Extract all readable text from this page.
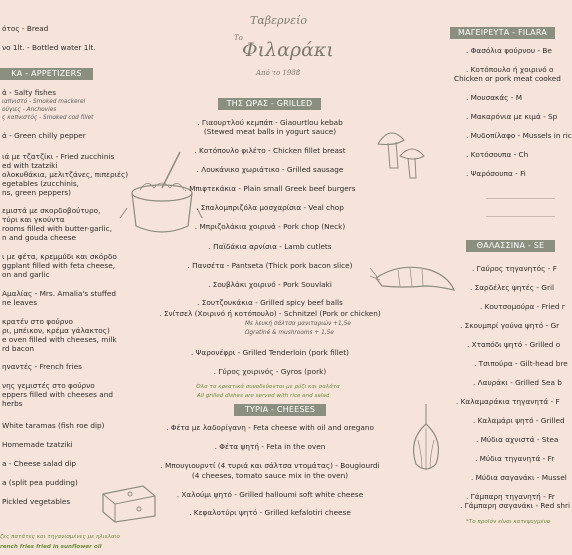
ότος - Bread
νο 1lt. - Bottled water 1lt.
ΚΑ - APPETIZERS
ά - Salty fishes
ιαπνιστό - Smoked mackerel
ούγιες - Anchovies
ς καπνιστός - Smoked cod fillet
ά - Green chilly pepper
ιά με τζατζίκι - Fried zucchinis
ed with tzatziki
ολοκυθάκια, μελιτζάνες, πιπεριές)
egetables (zucchinis,
ns, green peppers)
εμιστά με σκορδοβούτυρο,
τύρι και γκούντα
rooms filled with butter-garlic,
n and gouda cheese
ι με φέτα, κρεμμύδι και σκόρδο
ggplant filled with feta cheese,
on and garlic
Αμαλίας - Mrs. Amalia's stuffed
ne leaves
κρατέν στο φούρνο
ρι, μπέικον, κρέμα γάλακτος)
e oven filled with cheeses, milk
rd bacon
ηναντές - French fries
νης γεμιστές στο φούρνο
eppers filled with cheeses and
herbs
White taramas (fish roe dip)
Homemade tzatziki
a - Cheese salad dip
a (split pea pudding)
Pickled vegetables
ζες πατάτες και τηγανισμένες με ηλιέλαιο
rench fries fried in sunflower oil
Ταβερνείο
Το
Φιλαράκι
Από το 1988
ΤΗΣ ΩΡΑΣ - GRILLED
. Γιαουρτλού κεμπάπ - Giaourtlou kebab
(Stewed meat balls in yogurt sauce)
. Κοτόπουλο φιλέτο - Chicken fillet breast
. Λουκάνικο χωριάτικο - Grilled sausage
. Μπιφτεκάκια - Plain small Greek beef burgers
. Σπαλομπριζόλα μοσχαρίσια - Veal chop
. Μπριζολάκια χοιρινά - Pork chop (Neck)
. Παϊδάκια αρνίσια - Lamb cutlets
. Πανσέτα - Pantseta (Thick pork bacon slice)
. Σουβλάκι χοιρινό - Pork Souvlaki
. Σουτζουκάκια - Grilled spicy beef balls
. Σνίτσελ (Χοιρινό ή κοτόπουλο) - Schnitzel (Pork or chicken)
. Ψαρονέφρι - Grilled Tenderloin (pork fillet)
. Γύρος χοιρινός - Gyros (pork)
Με λευκή σάλτσα μανιταριών +1,5e
Ωgratiné & mushrooms + 1,5e
Όλα τα κρεατικά συνοδεύονται με ρύζι και σαλάτα
All grilled dishes are served with rice and salad
ΤΥΡΙΑ - CHEESES
. Φέτα με λαδορίγανη - Feta cheese with oil and oregano
. Φέτα ψητή - Feta in the oven
. Μπουγιουρντί (4 τυριά και σάλτσα ντομάτας) - Bougiourdi
(4 cheeses, tomato sauce mix in the oven)
. Χαλούμι ψητό - Grilled halloumi soft white cheese
. Κεφαλοτύρι ψητό - Grilled kefalotiri cheese
ΜΑΓΕΙΡΕΥΤΑ - FILARA
. Φασόλια φούρνου - Be
. Κοτόπουλο ή χοιρινό ο
Chicken or pork meat cooked
. Μουσακάς - M
. Μακαρόνια με κιμά - Sp
. Μυδοπίλαφο - Mussels in ric
. Κοτόσουπα - Ch
. Ψαρόσουπα - Fi
ΘΑΛΑΣΣΙΝΑ - SE
. Γαύρος τηγανητός - F
. Σαρδέλες ψητές - Gril
. Κουτσομούρα - Fried r
. Σκουμπρί γούνα ψητό - Gr
. Χταπόδι ψητό - Grilled o
. Τσιπούρα - Gilt-head bre
. Λαυράκι - Grilled Sea b
. Καλαμαράκια τηγανητά - F
. Καλαμάρι ψητό - Grilled
. Μύδια αχνιστά - Stea
. Μύδια τηγανητά - Fr
. Μύδια σαγανάκι - Mussel
. Γάμπαρη τηγανητή - Fr
. Γάμπαρη σαγανάκι - Red shri
*Το προϊόν είναι κατεψυγμένο
